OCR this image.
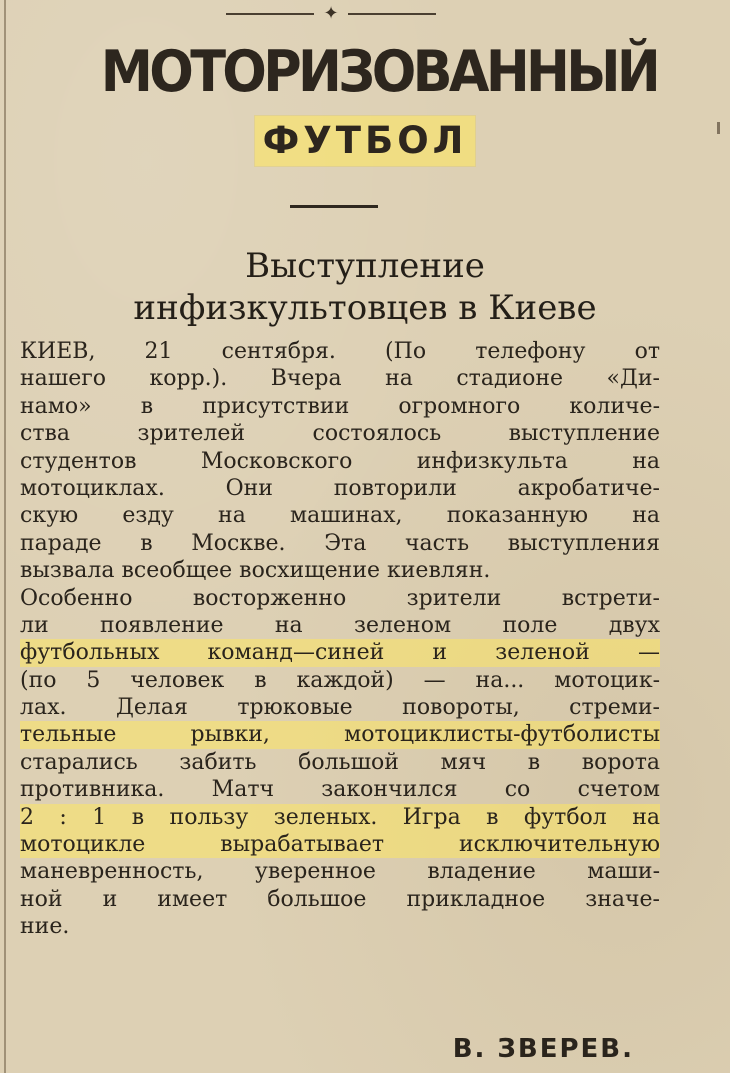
✦
МОТОРИЗОВАННЫЙ
ФУТБОЛ
Выступление
инфизкультовцев в Киеве
КИЕВ, 21 сентября. (По телефону от
нашего корр.). Вчера на стадионе «Ди-
намо» в присутствии огромного количе-
ства зрителей состоялось выступление
студентов Московского инфизкульта на
мотоциклах. Они повторили акробатиче-
скую езду на машинах, показанную на
параде в Москве. Эта часть выступления
вызвала всеобщее восхищение киевлян.
Особенно восторженно зрители встрети-
ли появление на зеленом поле двух
футбольных команд—синей и зеленой —
(по 5 человек в каждой) — на... мотоцик-
лах. Делая трюковые повороты, стреми-
тельные рывки, мотоциклисты-футболисты
старались забить большой мяч в ворота
противника. Матч закончился со счетом
2 : 1 в пользу зеленых. Игра в футбол на
мотоцикле вырабатывает исключительную
маневренность, уверенное владение маши-
ной и имеет большое прикладное значе-
ние.
В. ЗВЕРЕВ.
